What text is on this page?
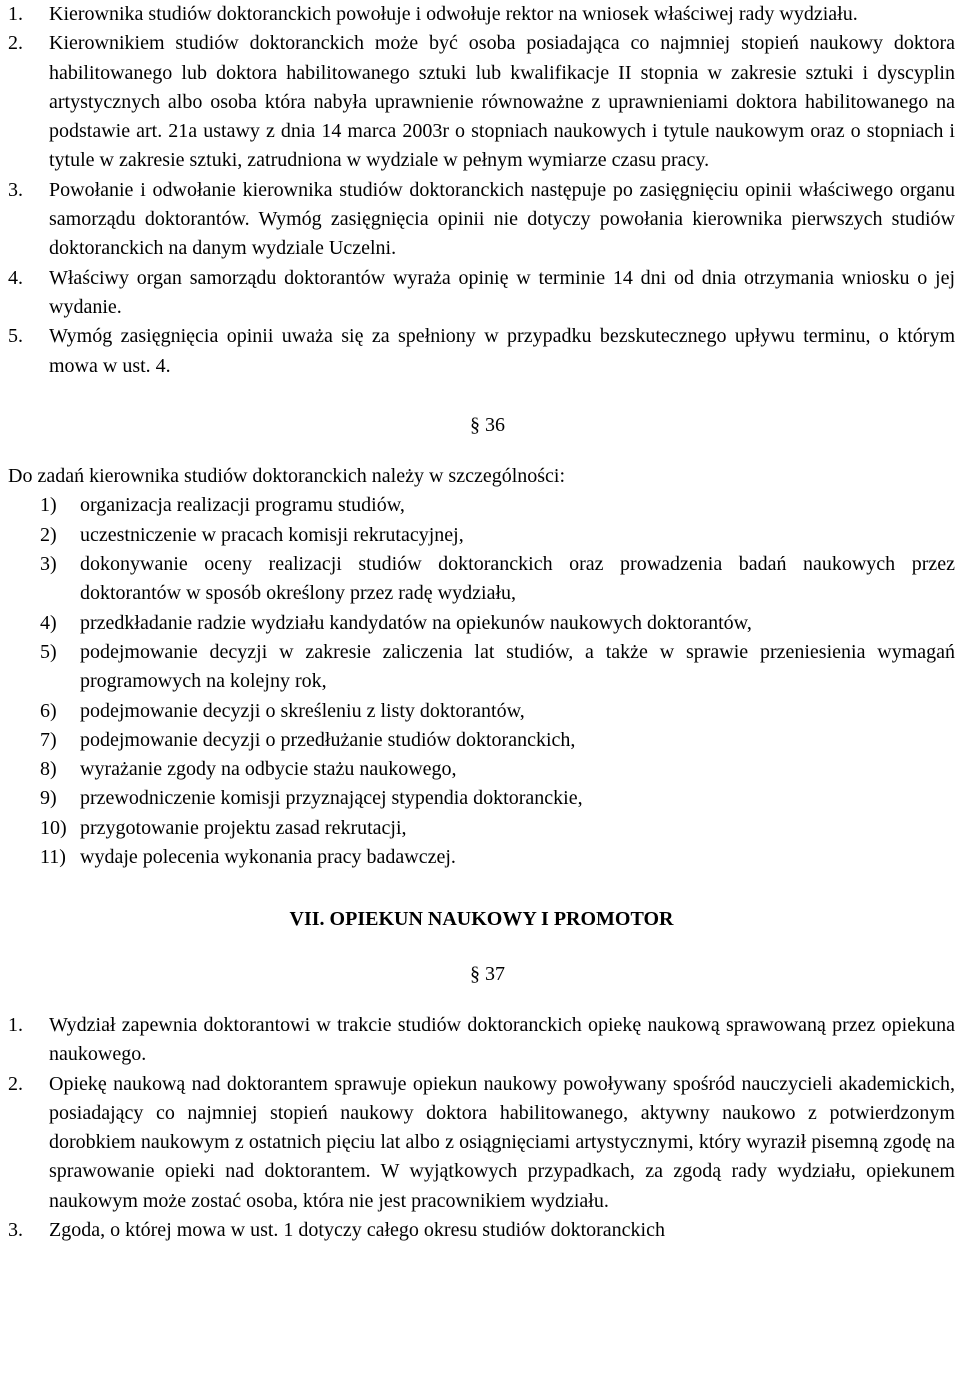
1. Kierownika studiów doktoranckich powołuje i odwołuje rektor na wniosek właściwej rady wydziału.
2. Kierownikiem studiów doktoranckich może być osoba posiadająca co najmniej stopień naukowy doktora habilitowanego lub doktora habilitowanego sztuki lub kwalifikacje II stopnia w zakresie sztuki i dyscyplin artystycznych albo osoba która nabyła uprawnienie równoważne z uprawnieniami doktora habilitowanego na podstawie art. 21a ustawy z dnia 14 marca 2003r o stopniach naukowych i tytule naukowym oraz o stopniach i tytule w zakresie sztuki, zatrudniona w wydziale w pełnym wymiarze czasu pracy.
3. Powołanie i odwołanie kierownika studiów doktoranckich następuje po zasięgnięciu opinii właściwego organu samorządu doktorantów. Wymóg zasięgnięcia opinii nie dotyczy powołania kierownika pierwszych studiów doktoranckich na danym wydziale Uczelni.
4. Właściwy organ samorządu doktorantów wyraża opinię w terminie 14 dni od dnia otrzymania wniosku o jej wydanie.
5. Wymóg zasięgnięcia opinii uważa się za spełniony w przypadku bezskutecznego upływu terminu, o którym mowa w ust. 4.
§ 36

Do zadań kierownika studiów doktoranckich należy w szczególności:

1) organizacja realizacji programu studiów,
2) uczestniczenie w pracach komisji rekrutacyjnej,
3) dokonywanie oceny realizacji studiów doktoranckich oraz prowadzenia badań naukowych przez doktorantów w sposób określony przez radę wydziału,
4) przedkładanie radzie wydziału kandydatów na opiekunów naukowych doktorantów,
5) podejmowanie decyzji w zakresie zaliczenia lat studiów, a także w sprawie przeniesienia wymagań programowych na kolejny rok,
6) podejmowanie decyzji o skreśleniu z listy doktorantów,
7) podejmowanie decyzji o przedłużanie studiów doktoranckich,
8) wyrażanie zgody na odbycie stażu naukowego,
9) przewodniczenie komisji przyznającej stypendia doktoranckie,
10) przygotowanie projektu zasad rekrutacji,
11) wydaje polecenia wykonania pracy badawczej.
VII. OPIEKUN NAUKOWY I PROMOTOR
§ 37
1. Wydział zapewnia doktorantowi w trakcie studiów doktoranckich opiekę naukową sprawowaną przez opiekuna naukowego.
2. Opiekę naukową nad doktorantem sprawuje opiekun naukowy powoływany spośród nauczycieli akademickich, posiadający co najmniej stopień naukowy doktora habilitowanego, aktywny naukowo z potwierdzonym dorobkiem naukowym z ostatnich pięciu lat albo z osiągnięciami artystycznymi, który wyraził pisemną zgodę na sprawowanie opieki nad doktorantem. W wyjątkowych przypadkach, za zgodą rady wydziału, opiekunem naukowym może zostać osoba, która nie jest pracownikiem wydziału.
3. Zgoda, o której mowa w ust. 1 dotyczy całego okresu studiów doktoranckich
